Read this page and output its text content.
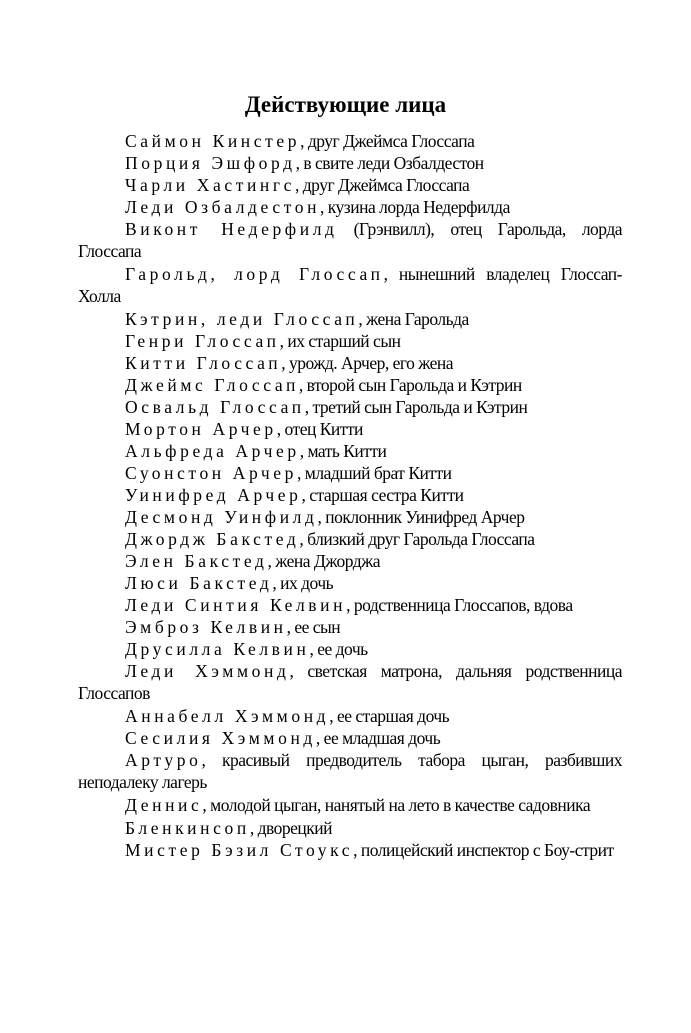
Действующие лица
Саймон Кинстер, друг Джеймса Глоссапа
Порция Эшфорд, в свите леди Озбалдестон
Чарли Хастингс, друг Джеймса Глоссапа
Леди Озбалдестон, кузина лорда Недерфилда
Виконт Недерфилд (Грэнвилл), отец Гарольда, лорда Глоссапа
Гарольд, лорд Глоссап, нынешний владелец Глоссап-Холла
Кэтрин, леди Глоссап, жена Гарольда
Генри Глоссап, их старший сын
Китти Глоссап, урожд. Арчер, его жена
Джеймс Глоссап, второй сын Гарольда и Кэтрин
Освальд Глоссап, третий сын Гарольда и Кэтрин
Мортон Арчер, отец Китти
Альфреда Арчер, мать Китти
Суонстон Арчер, младший брат Китти
Уинифред Арчер, старшая сестра Китти
Десмонд Уинфилд, поклонник Уинифред Арчер
Джордж Бакстед, близкий друг Гарольда Глоссапа
Элен Бакстед, жена Джорджа
Люси Бакстед, их дочь
Леди Синтия Келвин, родственница Глоссапов, вдова
Эмброз Келвин, ее сын
Друсилла Келвин, ее дочь
Леди Хэммонд, светская матрона, дальняя родственница Глоссапов
Аннабелл Хэммонд, ее старшая дочь
Сесилия Хэммонд, ее младшая дочь
Артуро, красивый предводитель табора цыган, разбивших неподалеку лагерь
Деннис, молодой цыган, нанятый на лето в качестве садовника
Бленкинсоп, дворецкий
Мистер Бэзил Стоукс, полицейский инспектор с Боу-стрит
